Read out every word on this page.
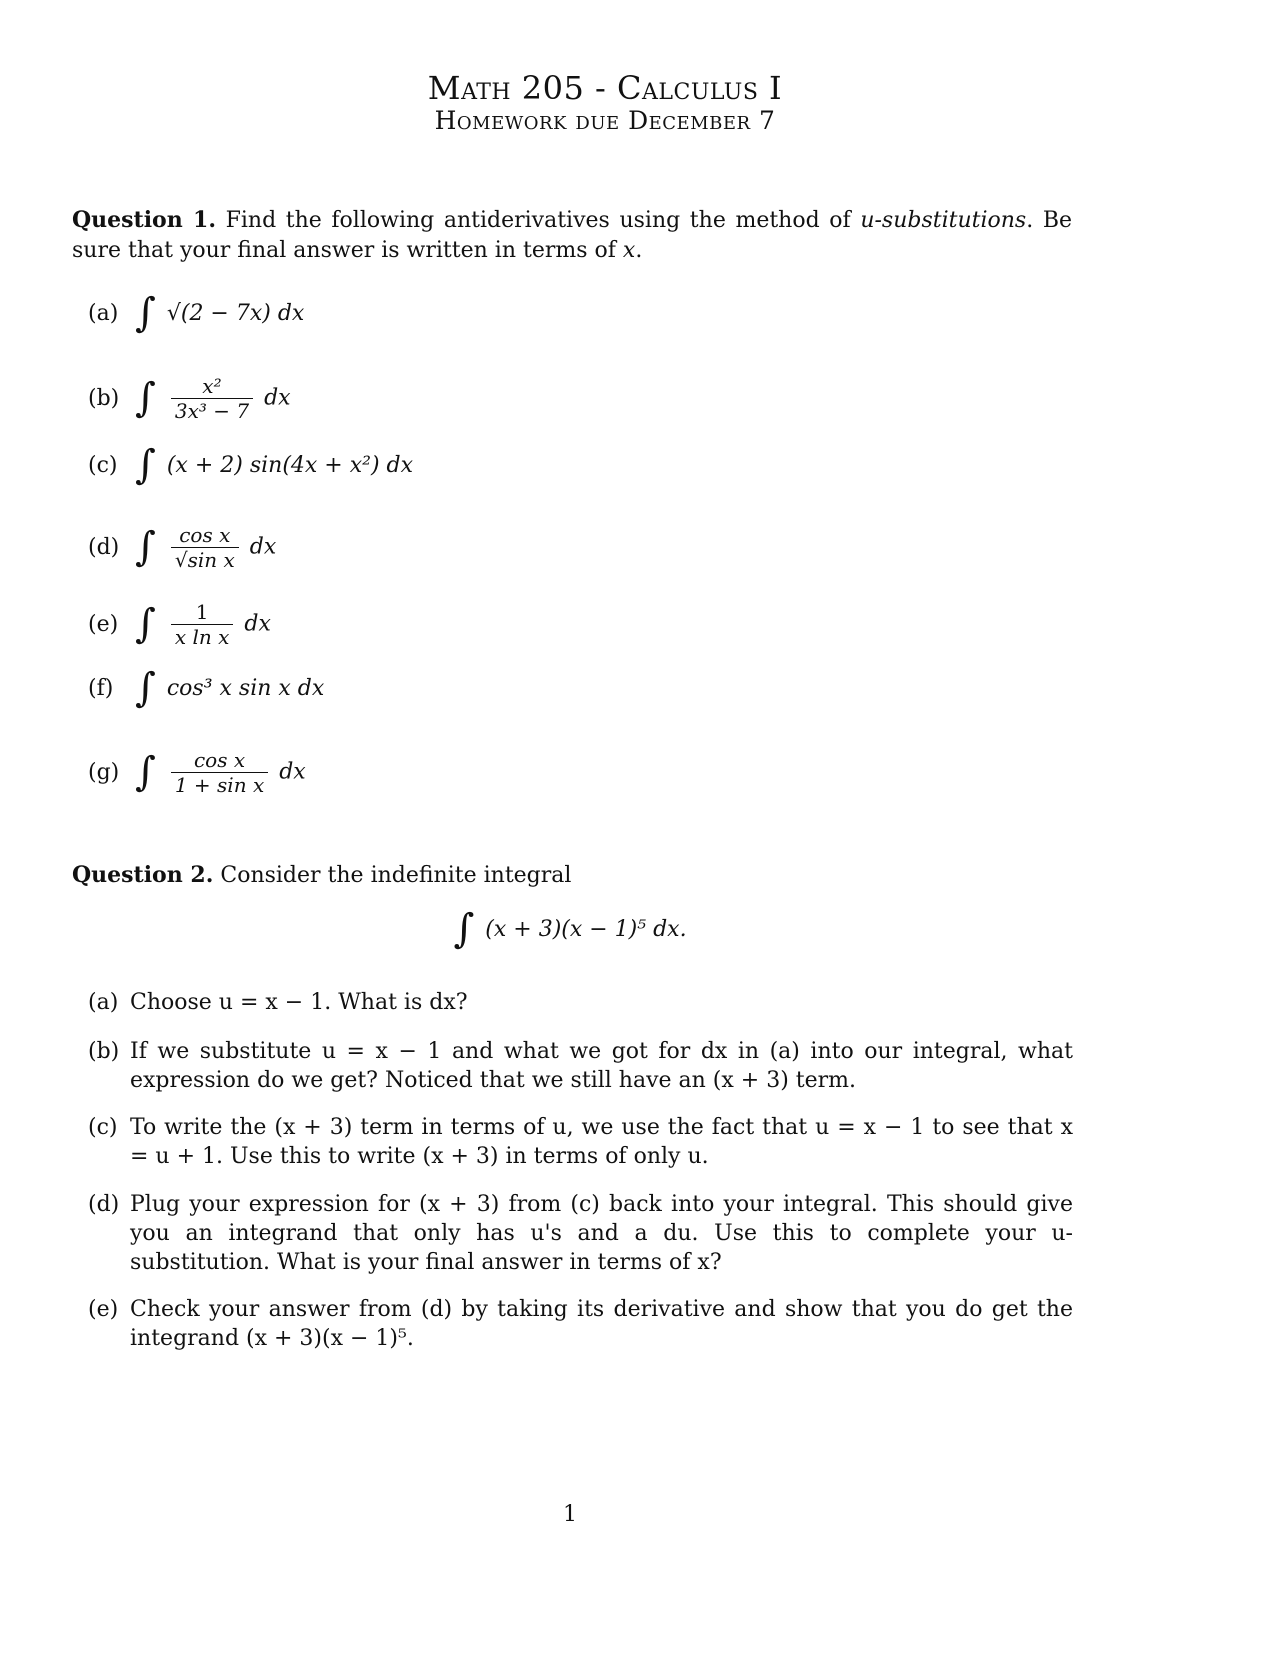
Math 205 - Calculus I
Homework due December 7
Question 1. Find the following antiderivatives using the method of u-substitutions. Be sure that your final answer is written in terms of x.
(a) ∫ √(2 − 7x) dx
(b) ∫ $\frac{\text{x²}}{\text{3x³ − 7}}$ dx
(c) ∫ (x + 2) sin(4x + x²) dx
(d) ∫ $\frac{\text{cos x}}{\text{√sin x}}$ dx
(e) ∫ $\frac{1}{\text{x ln x}}$ dx
(f) ∫ cos³ x sin x dx
(g) ∫ $\frac{\text{cos x}}{\text{1 + sin x}}$ dx
Question 2. Consider the indefinite integral
∫ (x + 3)(x − 1)⁵ dx.
(a) Choose u = x − 1. What is dx?
(b) If we substitute u = x − 1 and what we got for dx in (a) into our integral, what expression do we get? Noticed that we still have an (x + 3) term.
(c) To write the (x + 3) term in terms of u, we use the fact that u = x − 1 to see that x = u + 1. Use this to write (x + 3) in terms of only u.
(d) Plug your expression for (x + 3) from (c) back into your integral. This should give you an integrand that only has u's and a du. Use this to complete your u-substitution. What is your final answer in terms of x?
(e) Check your answer from (d) by taking its derivative and show that you do get the integrand (x + 3)(x − 1)⁵.
1
